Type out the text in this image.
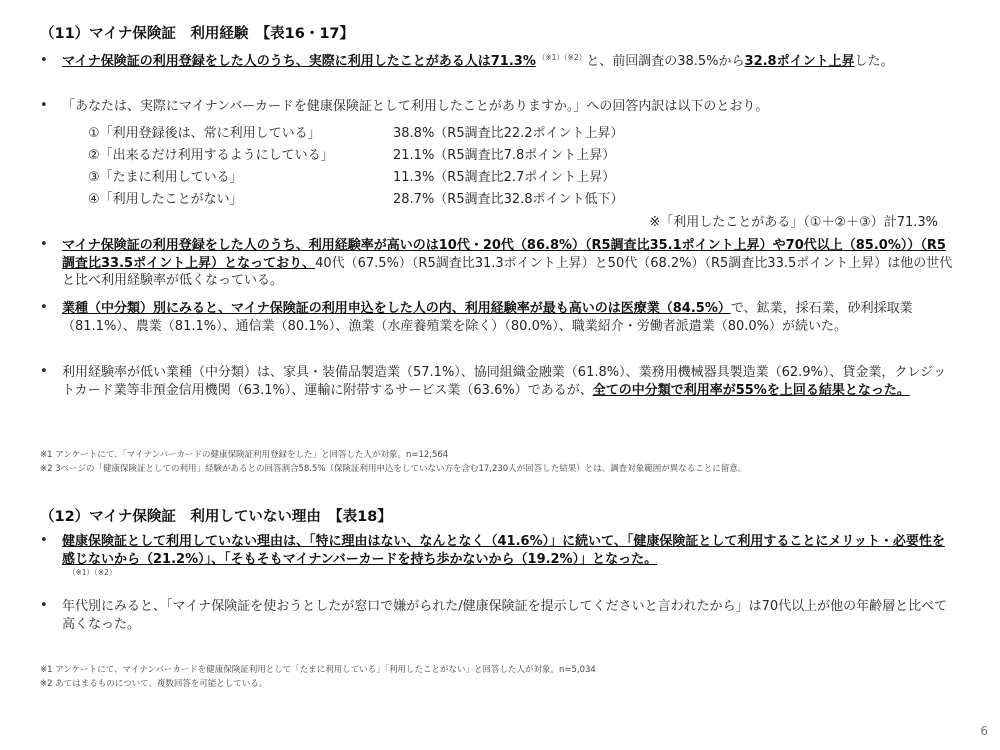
（11）マイナ保険証　利用経験　【表16・17】
•	マイナ保険証の利用登録をした人のうち、実際に利用したことがある人は71.3% $^{(※1)(※2)}$と、前回調査の38.5%から32.8ポイント上昇した。
•	「あなたは、実際にマイナンバーカードを健康保険証として利用したことがありますか。」への回答内訳は以下のとおり。
①「利用登録後は、常に利用している」	38.8%（R5調査比22.2ポイント上昇）
②「出来るだけ利用するようにしている」	21.1%（R5調査比7.8ポイント上昇）
③「たまに利用している」	11.3%（R5調査比2.7ポイント上昇）
④「利用したことがない」	28.7%（R5調査比32.8ポイント低下）
※「利用したことがある」（①＋②＋③）計71.3%
•	マイナ保険証の利用登録をした人のうち、利用経験率が高いのは10代・20代（86.8%）（R5調査比35.1ポイント上昇）や70代以上（85.0%））（R5調査比33.5ポイント上昇）となっており、40代（67.5%）（R5調査比31.3ポイント上昇）と50代（68.2%）（R5調査比33.5ポイント上昇）は他の世代と比べ利用経験率が低くなっている。
•	業種（中分類）別にみると、マイナ保険証の利用申込をした人の内、利用経験率が最も高いのは医療業（84.5%）で、鉱業，採石業，砂利採取業（81.1%）、農業（81.1%）、通信業（80.1%）、漁業（水産養殖業を除く）（80.0%）、職業紹介・労働者派遣業（80.0%）が続いた。
•	利用経験率が低い業種（中分類）は、家具・装備品製造業（57.1%）、協同組織金融業（61.8%）、業務用機械器具製造業（62.9%）、貸金業，クレジットカード業等非預金信用機関（63.1%）、運輸に附帯するサービス業（63.6%）であるが、全ての中分類で利用率が55%を上回る結果となった。
※1 アンケートにて、「マイナンバーカードの健康保険証利用登録をした」と回答した人が対象。n=12,564
※2 3ページの「健康保険証としての利用」経験があるとの回答割合58.5%（保険証利用申込をしていない方を含む17,230人が回答した結果）とは、調査対象範囲が異なることに留意。
（12）マイナ保険証　利用していない理由　【表18】
•	健康保険証として利用していない理由は、「特に理由はない、なんとなく（41.6%）」に続いて、「健康保険証として利用することにメリット・必要性を感じないから（21.2%）」、「そもそもマイナンバーカードを持ち歩かないから（19.2%）」となった。
（※1）（※2）
•	年代別にみると、「マイナ保険証を使おうとしたが窓口で嫌がられた/健康保険証を提示してくださいと言われたから」は70代以上が他の年齢層と比べて高くなった。
※1 アンケートにて、マイナンバーカードを健康保険証利用として「たまに利用している」「利用したことがない」と回答した人が対象。n=5,034
※2 あてはまるものについて、複数回答を可能としている。
6
